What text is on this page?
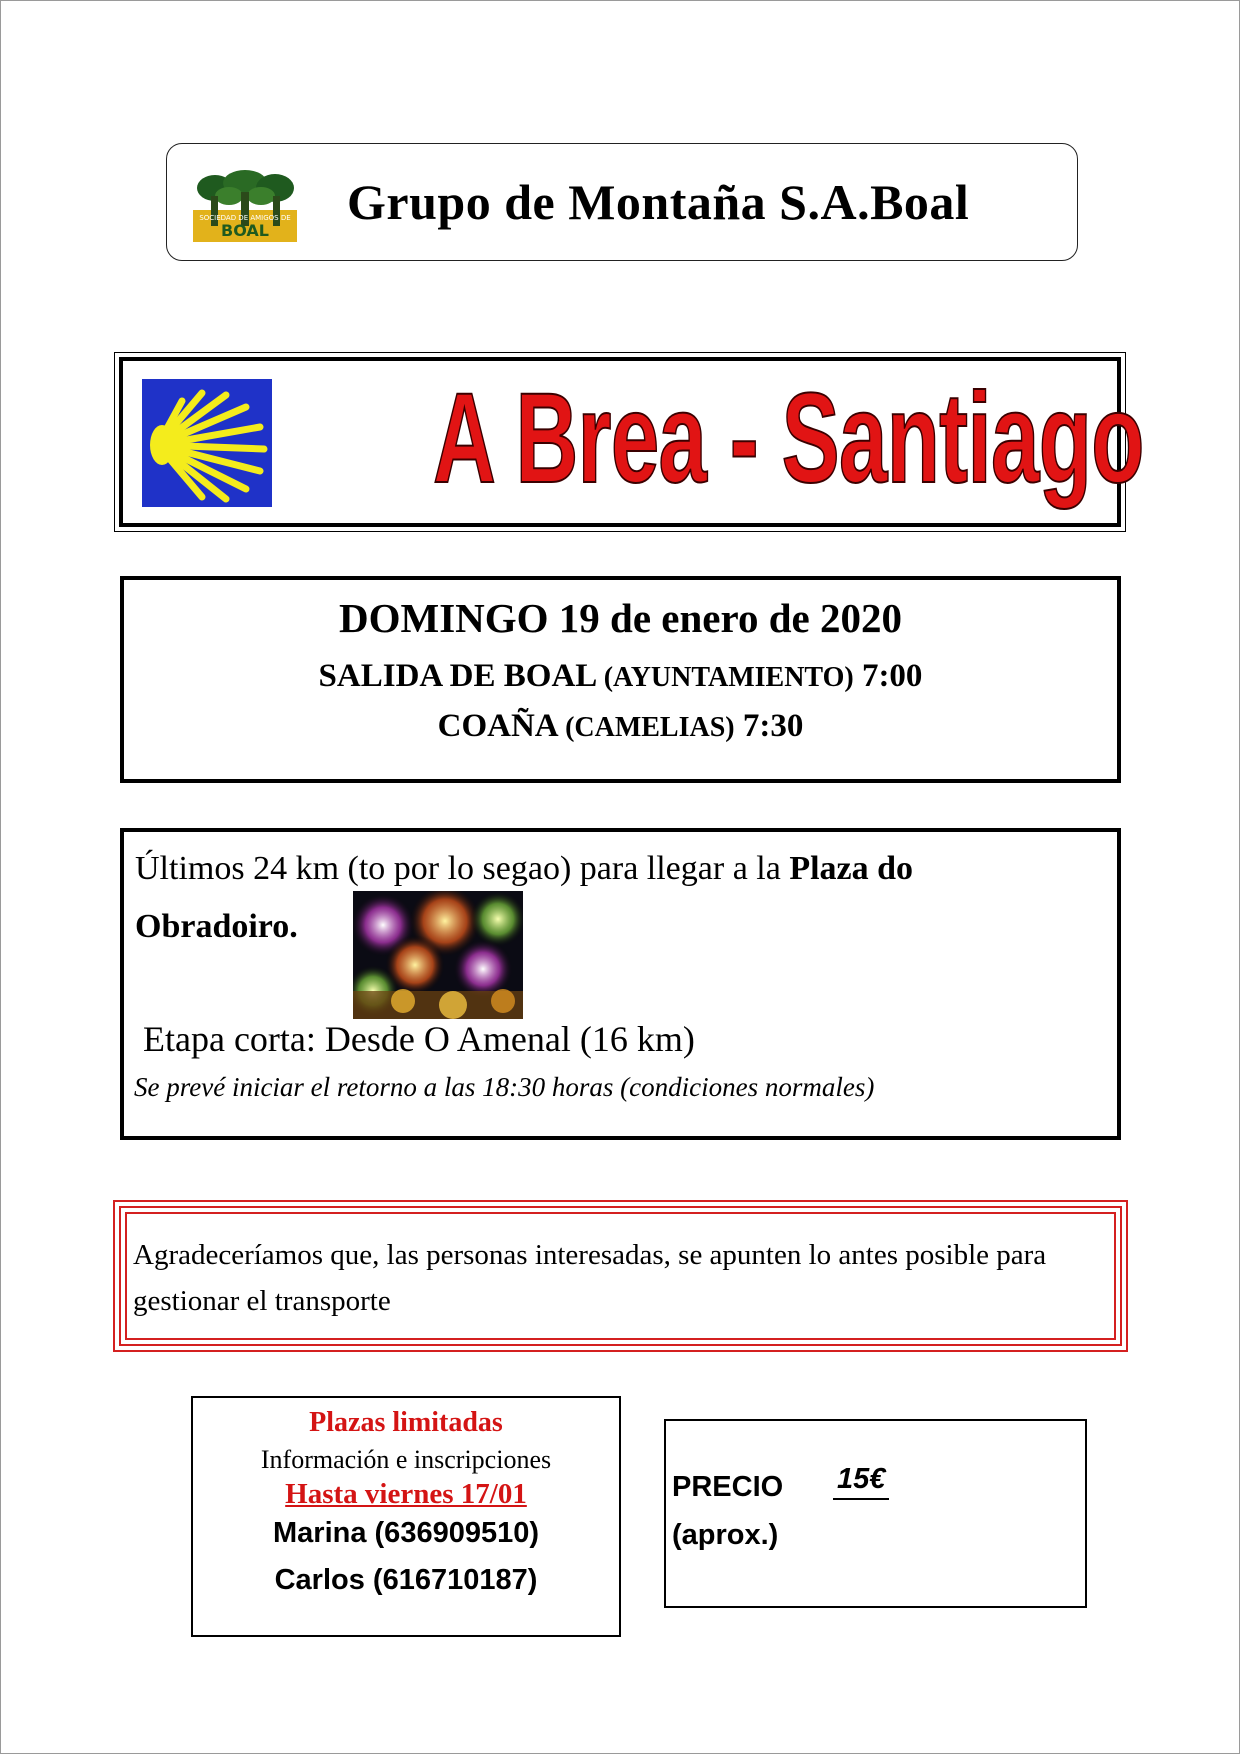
SOCIEDAD DE AMIGOS DE
BOAL
Grupo de Montaña S.A.Boal
A Brea - Santiago
DOMINGO 19 de enero de 2020
SALIDA DE BOAL (AYUNTAMIENTO) 7:00
COAÑA (CAMELIAS) 7:30
Últimos 24 km (to por lo segao) para llegar a la Plaza do
Obradoiro.
Etapa corta: Desde O Amenal (16 km)
Se prevé iniciar el retorno a las 18:30 horas (condiciones normales)
Agradeceríamos que, las personas interesadas, se apunten lo antes posible para gestionar el transporte
Plazas limitadas
Información e inscripciones
Hasta viernes 17/01
Marina (636909510)
Carlos (616710187)
PRECIO 15€
(aprox.)
